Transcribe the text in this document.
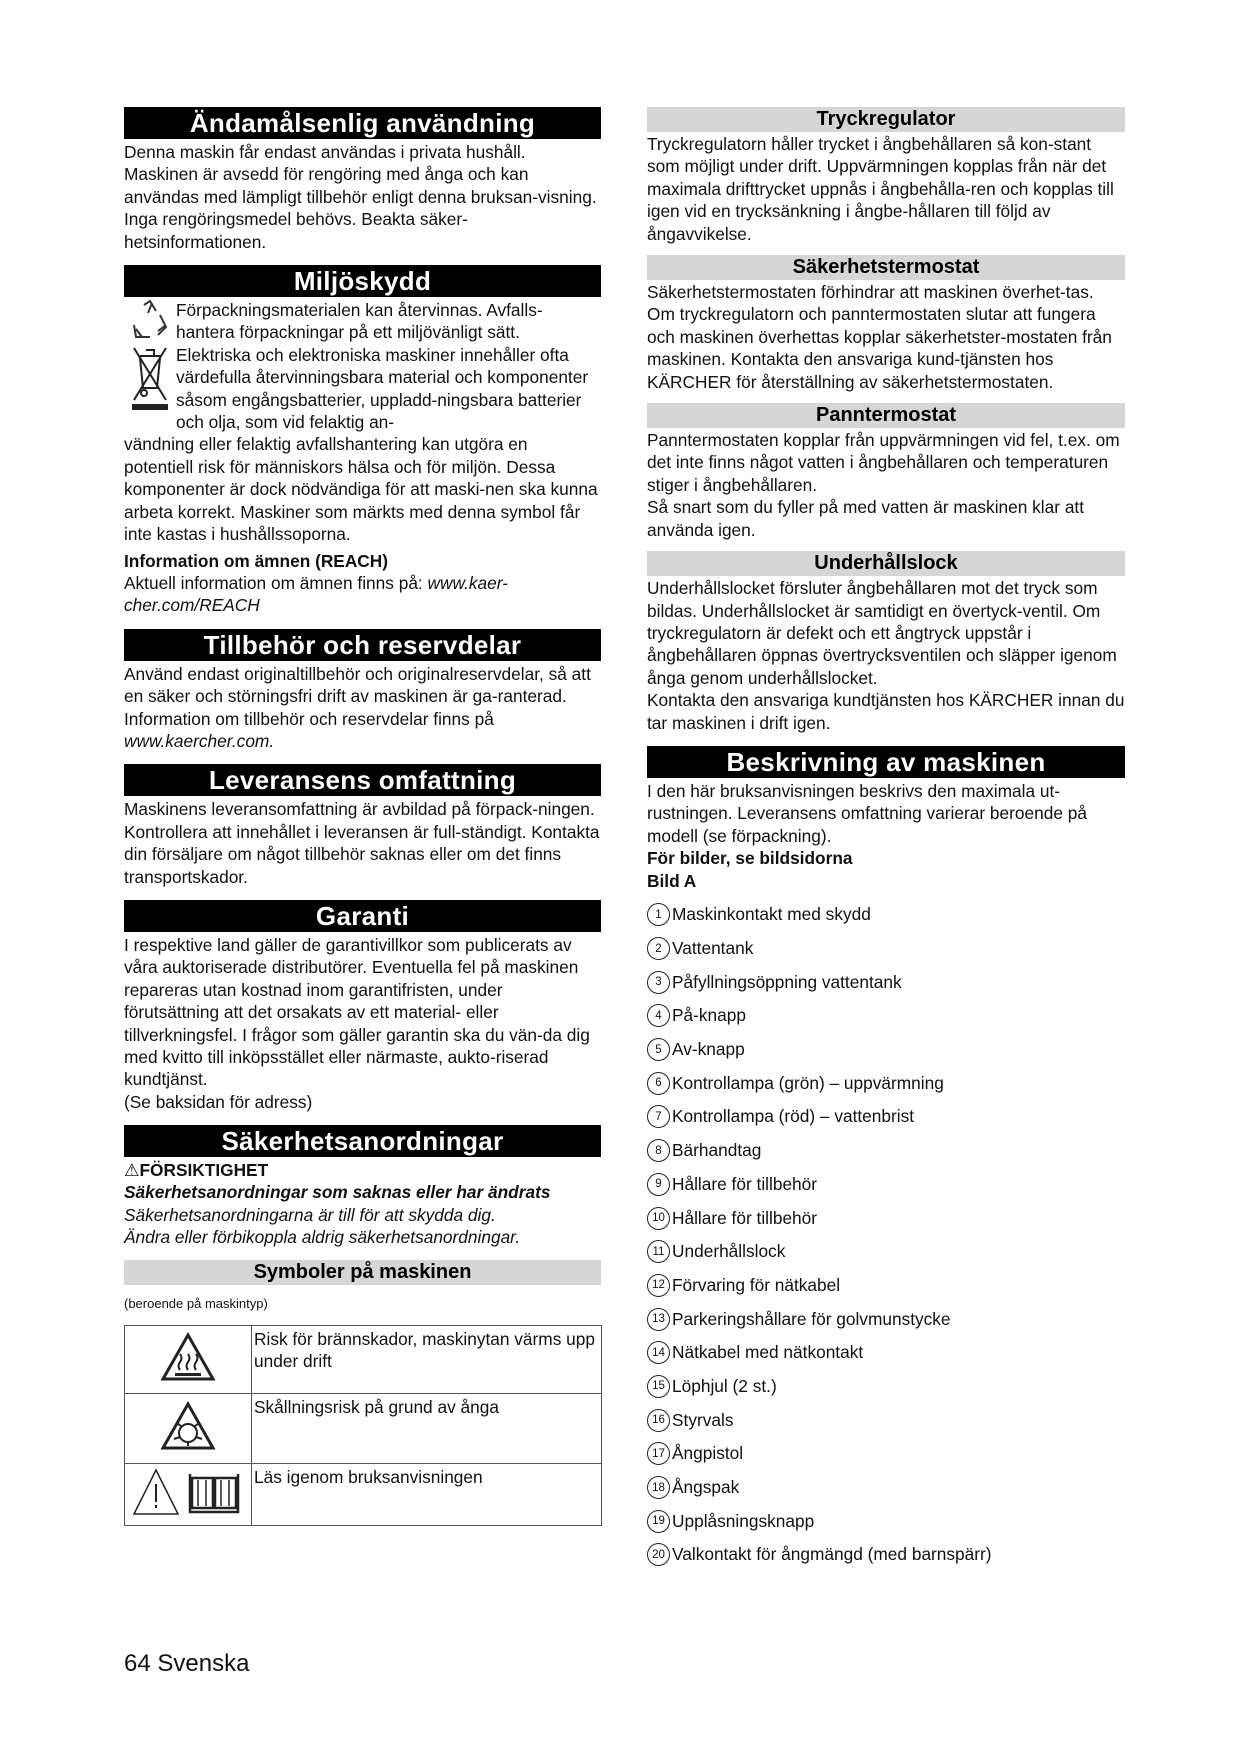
Ändamålsenlig användning

Denna maskin får endast användas i privata hushåll. Maskinen är avsedd för rengöring med ånga och kan användas med lämpligt tillbehör enligt denna bruksan-visning. Inga rengöringsmedel behövs. Beakta säker-hetsinformationen.

Miljöskydd

Förpackningsmaterialen kan återvinnas. Avfalls-hantera förpackningar på ett miljövänligt sätt.

Elektriska och elektroniska maskiner innehåller ofta värdefulla återvinningsbara material och komponenter såsom engångsbatterier, uppladd-ningsbara batterier och olja, som vid felaktig an-

vändning eller felaktig avfallshantering kan utgöra en potentiell risk för människors hälsa och för miljön. Dessa komponenter är dock nödvändiga för att maski-nen ska kunna arbeta korrekt. Maskiner som märkts med denna symbol får inte kastas i hushållssoporna.

Information om ämnen (REACH)

Aktuell information om ämnen finns på: www.kaer-cher.com/REACH

Tillbehör och reservdelar

Använd endast originaltillbehör och originalreservdelar, så att en säker och störningsfri drift av maskinen är ga-ranterad.

Information om tillbehör och reservdelar finns på

www.kaercher.com.

Leveransens omfattning

Maskinens leveransomfattning är avbildad på förpack-ningen. Kontrollera att innehållet i leveransen är full-ständigt. Kontakta din försäljare om något tillbehör saknas eller om det finns transportskador.

Garanti

I respektive land gäller de garantivillkor som publicerats av våra auktoriserade distributörer. Eventuella fel på maskinen repareras utan kostnad inom garantifristen, under förutsättning att det orsakats av ett material- eller tillverkningsfel. I frågor som gäller garantin ska du vän-da dig med kvitto till inköpsstället eller närmaste, aukto-riserad kundtjänst.

(Se baksidan för adress)

Säkerhetsanordningar
⚠FÖRSIKTIGHET

Säkerhetsanordningar som saknas eller har ändrats

Säkerhetsanordningarna är till för att skydda dig.

Ändra eller förbikoppla aldrig säkerhetsanordningar.

Symboler på maskinen
(beroende på maskintyp)
	Risk för brännskador, maskinytan värms upp under drift
	Skållningsrisk på grund av ånga
	Läs igenom bruksanvisningen
Tryckregulator

Tryckregulatorn håller trycket i ångbehållaren så kon-stant som möjligt under drift. Uppvärmningen kopplas från när det maximala drifttrycket uppnås i ångbehålla-ren och kopplas till igen vid en trycksänkning i ångbe-hållaren till följd av ångavvikelse.

Säkerhetstermostat

Säkerhetstermostaten förhindrar att maskinen överhet-tas. Om tryckregulatorn och panntermostaten slutar att fungera och maskinen överhettas kopplar säkerhetster-mostaten från maskinen. Kontakta den ansvariga kund-tjänsten hos KÄRCHER för återställning av säkerhetstermostaten.

Panntermostat

Panntermostaten kopplar från uppvärmningen vid fel, t.ex. om det inte finns något vatten i ångbehållaren och temperaturen stiger i ångbehållaren.

Så snart som du fyller på med vatten är maskinen klar att använda igen.

Underhållslock

Underhållslocket försluter ångbehållaren mot det tryck som bildas. Underhållslocket är samtidigt en övertyck-ventil. Om tryckregulatorn är defekt och ett ångtryck uppstår i ångbehållaren öppnas övertrycksventilen och släpper igenom ånga genom underhållslocket.

Kontakta den ansvariga kundtjänsten hos KÄRCHER innan du tar maskinen i drift igen.

Beskrivning av maskinen

I den här bruksanvisningen beskrivs den maximala ut-rustningen. Leveransens omfattning varierar beroende på modell (se förpackning).

För bilder, se bildsidorna

Bild A

1 Maskinkontakt med skydd
2 Vattentank
3 Påfyllningsöppning vattentank
4 På-knapp
5 Av-knapp
6 Kontrollampa (grön) – uppvärmning
7 Kontrollampa (röd) – vattenbrist
8 Bärhandtag
9 Hållare för tillbehör
10 Hållare för tillbehör
11 Underhållslock
12 Förvaring för nätkabel
13 Parkeringshållare för golvmunstycke
14 Nätkabel med nätkontakt
15 Löphjul (2 st.)
16 Styrvals
17 Ångpistol
18 Ångspak
19 Upplåsningsknapp
20 Valkontakt för ångmängd (med barnspärr)
64 Svenska
